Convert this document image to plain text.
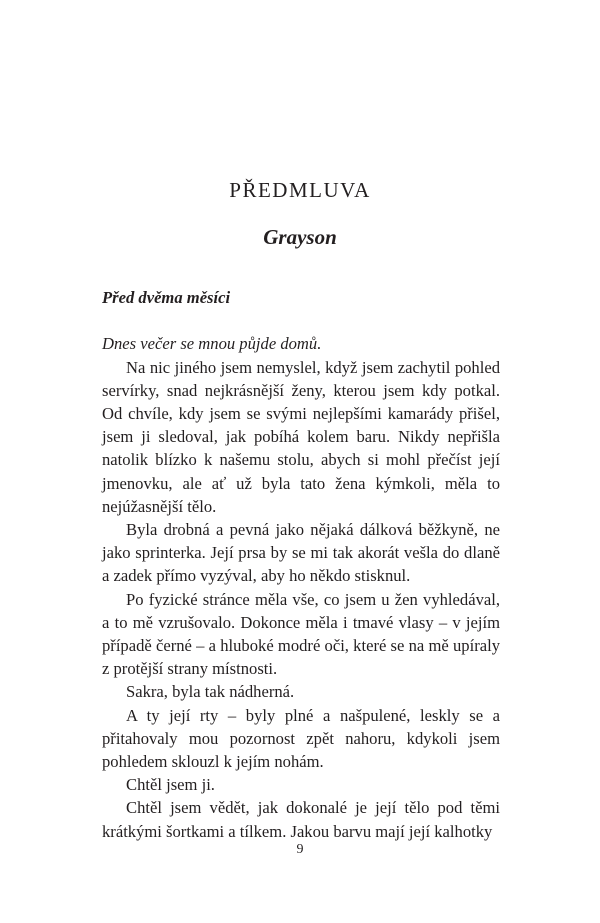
PŘEDMLUVA
Grayson

Před dvěma měsíci

Dnes večer se mnou půjde domů.

Na nic jiného jsem nemyslel, když jsem zachytil pohled servírky, snad nejkrásnější ženy, kterou jsem kdy potkal. Od chvíle, kdy jsem se svými nejlepšími kamarády přišel, jsem ji sledoval, jak pobíhá kolem baru. Nikdy nepřišla natolik blízko k našemu stolu, abych si mohl přečíst její jmenovku, ale ať už byla tato žena kýmkoli, měla to nejúžasnější tělo.

Byla drobná a pevná jako nějaká dálková běžkyně, ne jako sprinterka. Její prsa by se mi tak akorát vešla do dlaně a zadek přímo vyzýval, aby ho někdo stisknul.

Po fyzické stránce měla vše, co jsem u žen vyhledával, a to mě vzrušovalo. Dokonce měla i tmavé vlasy – v jejím případě černé – a hluboké modré oči, které se na mě upíraly z protější strany místnosti.

Sakra, byla tak nádherná.

A ty její rty – byly plné a našpulené, leskly se a přitahovaly mou pozornost zpět nahoru, kdykoli jsem pohledem sklouzl k jejím nohám.

Chtěl jsem ji.

Chtěl jsem vědět, jak dokonalé je její tělo pod těmi krátkými šortkami a tílkem. Jakou barvu mají její kalhotky

9
